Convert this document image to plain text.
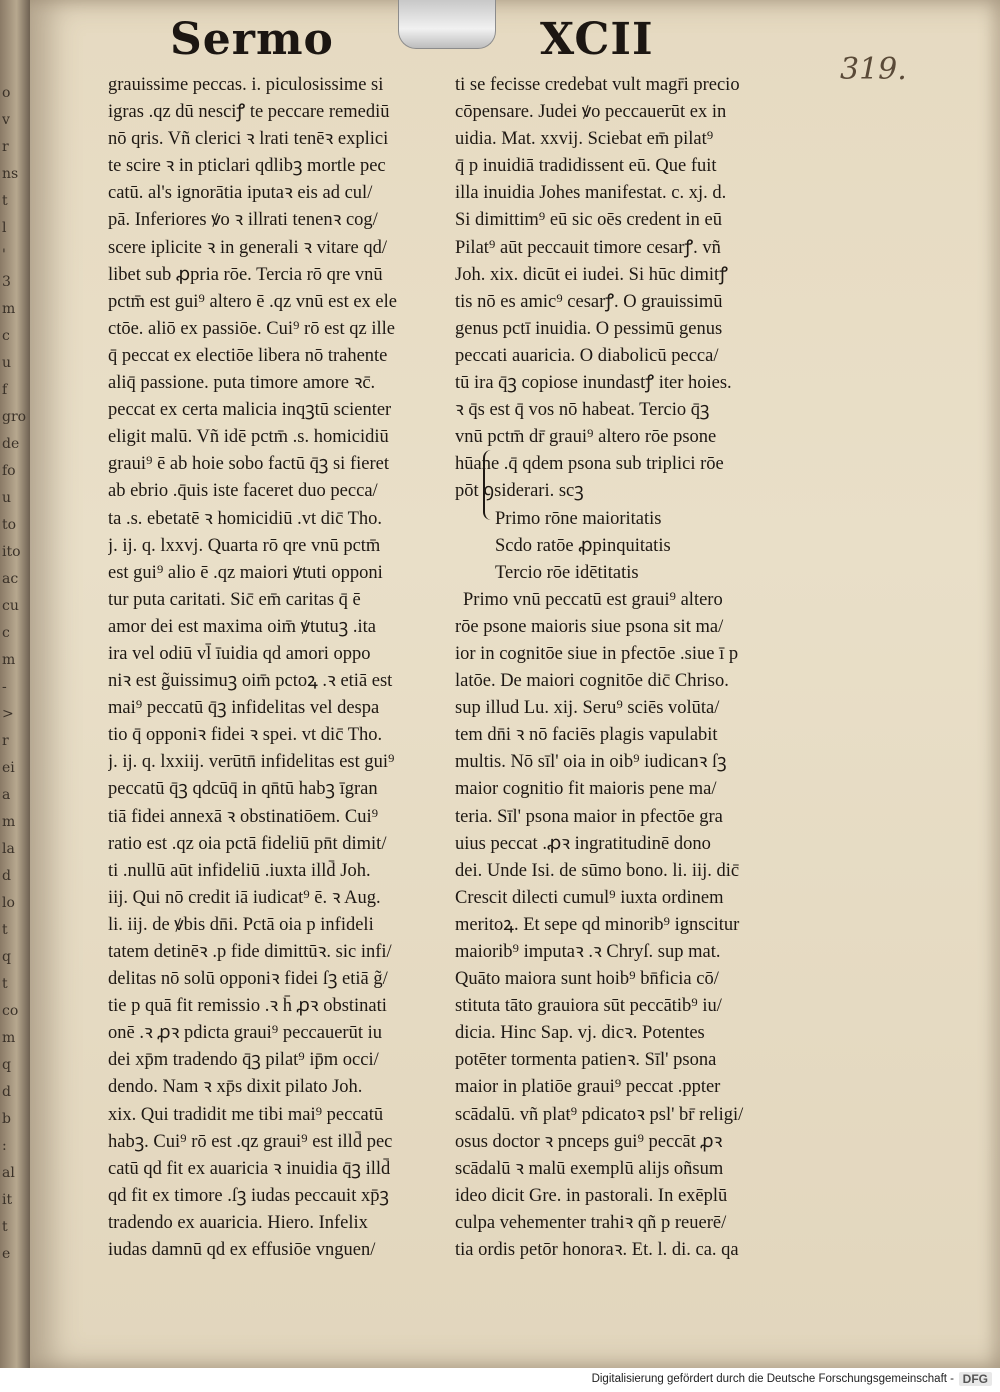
o
v
r
ns
t
l
'
3
m
c
u
f
gro
de
fo
u
to
ito
ac
cu
c
m
-
>
r
ei
a
m
la
d
lo
t
q
t
co
m
q
d
b
:
al
it
t
e
Sermo	XCII
319.
grauissime peccas. i. piculosissime si
igras .qz dū nesciꝭ te peccare remediū
nō qris. Vñ clerici ꝛ lrati tenēꝛ explici
te scire ꝛ in pticlari qdlibꝫ mortle pec
catū. al's ignorātia iputaꝛ eis ad cul/
pā. Inferiores ꝟo ꝛ illrati tenenꝛ cog/
scere iplicite ꝛ in generali ꝛ vitare qd/
libet sub ꝓpria rōe. Tercia rō qre vnū
pctm̄ est gui⁹ altero ē .qz vnū est ex ele
ctōe. aliō ex passiōe. Cui⁹ rō est qz ille
q̄ peccat ex electiōe libera nō trahente
aliq̄ passione. puta timore amore ꝛc̄.
peccat ex certa malicia inqꝫtū scienter
eligit malū. Vñ idē pctm̄ .s. homicidiū
graui⁹ ē ab hoie sobo factū q̄ꝫ si fieret
ab ebrio .q̄uis iste faceret duo pecca/
ta .s. ebetatē ꝛ homicidiū .vt dic̄ Tho.
j. ij. q. lxxvj. Quarta rō qre vnū pctm̄
est gui⁹ alio ē .qz maiori ꝟtuti opponi
tur puta caritati. Sic̄ em̄ caritas q̄ ē
amor dei est maxima oim̄ ꝟtutuꝫ .ita
ira vel odiū vl̄ īuidia qd amori oppo
niꝛ est g̃uissimuꝫ oim̄ pctoꝝ .ꝛ etiā est
mai⁹ peccatū q̄ꝫ infidelitas vel despa
tio q̄ opponiꝛ fidei ꝛ spei. vt dic̄ Tho.
j. ij. q. lxxiij. verūtn̄ infidelitas est gui⁹
peccatū q̄ꝫ qdcūq̄ in qn̄tū habꝫ īgran
tiā fidei annexā ꝛ obstinatiōem. Cui⁹
ratio est .qz oia pctā fideliū pn̄t dimit/
ti .nullū aūt infideliū .iuxta illd̄ Joh.
iij. Qui nō credit iā iudicat⁹ ē. ꝛ Aug.
li. iij. de ꝟbis dn̄i. Pctā oia p infideli
tatem detinēꝛ .p fide dimittūꝛ. sic infi/
delitas nō solū opponiꝛ fidei ſꝫ etiā g̃/
tie p quā fit remissio .ꝛ h̄ ꝓꝛ obstinati
onē .ꝛ ꝓꝛ pdicta graui⁹ peccauerūt iu
dei xp̄m tradendo q̄ꝫ pilat⁹ ip̄m occi/
dendo. Nam ꝛ xp̄s dixit pilato Joh.
xix. Qui tradidit me tibi mai⁹ peccatū
habꝫ. Cui⁹ rō est .qz graui⁹ est illd̄ pec
catū qd fit ex auaricia ꝛ inuidia q̄ꝫ illd̄
qd fit ex timore .ſꝫ iudas peccauit xp̄ꝫ
tradendo ex auaricia. Hiero. Infelix
iudas damnū qd ex effusiōe vnguen/
ti se fecisse credebat vult magr̄i precio
cōpensare. Judei ꝟo peccauerūt ex in
uidia. Mat. xxvij. Sciebat em̄ pilat⁹
q̄ p inuidiā tradidissent eū. Que fuit
illa inuidia Johes manifestat. c. xj. d.
Si dimittim⁹ eū sic oēs credent in eū
Pilat⁹ aūt peccauit timore cesarꝭ. vñ
Joh. xix. dicūt ei iudei. Si hūc dimitꝭ
tis nō es amic⁹ cesarꝭ. O grauissimū
genus pctī inuidia. O pessimū genus
peccati auaricia. O diabolicū pecca/
tū ira q̄ꝫ copiose inundastꝭ iter hoies.
ꝛ q̄s est q̄ vos nō habeat. Tercio q̄ꝫ
vnū pctm̄ dr̄ graui⁹ altero rōe psone
hūane .q̄ qdem psona sub triplici rōe
pōt ꝯsiderari. scꝫ
Primo rōne maioritatis
Scdo ratōe ꝓpinquitatis
Tercio rōe idētitatis
Primo vnū peccatū est graui⁹ altero
rōe psone maioris siue psona sit ma/
ior in cognitōe siue in pfectōe .siue ī p
latōe. De maiori cognitōe dic̄ Chriso.
sup illud Lu. xij. Seru⁹ sciēs volūta/
tem dn̄i ꝛ nō faciēs plagis vapulabit
multis. Nō sīl' oia in oib⁹ iudicanꝛ ſꝫ
maior cognitio fit maioris pene ma/
teria. Sīl' psona maior in pfectōe gra
uius peccat .ꝓꝛ ingratitudinē dono
dei. Unde Isi. de sūmo bono. li. iij. dic̄
Crescit dilecti cumul⁹ iuxta ordinem
meritoꝝ. Et sepe qd minorib⁹ ignscitur
maiorib⁹ imputaꝛ .ꝛ Chryſ. sup mat.
Quāto maiora sunt hoib⁹ bn̄ficia cō/
stituta tāto grauiora sūt peccātib⁹ iu/
dicia. Hinc Sap. vj. dicꝛ. Potentes
potēter tormenta patienꝛ. Sīl' psona
maior in platiōe graui⁹ peccat .ppter
scādalū. vñ plat⁹ pdicatoꝛ psl' br̄ religi/
osus doctor ꝛ pnceps gui⁹ peccāt ꝓꝛ
scādalū ꝛ malū exemplū alijs oñsum
ideo dicit Gre. in pastorali. In exēplū
culpa vehementer trahiꝛ qñ p reuerē/
tia ordis petōr honoraꝛ. Et. l. di. ca. qa
Digitalisierung gefördert durch die Deutsche Forschungsgemeinschaft - DFG
